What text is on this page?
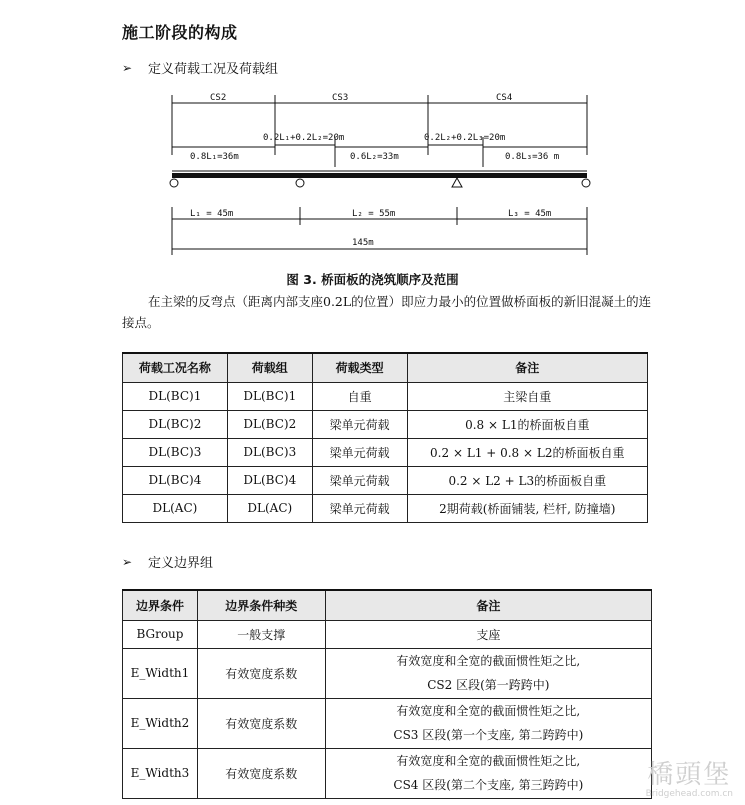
施工阶段的构成
➢	定义荷载工况及荷载组
CS2	CS3	CS4
0.2L₁+0.2L₂=20m	0.2L₂+0.2L₃=20m
0.8L₁=36m	0.6L₂=33m	0.8L₃=36 m
L₁ = 45m	L₂ = 55m	L₃ = 45m
145m
图 3. 桥面板的浇筑顺序及范围
在主梁的反弯点（距离内部支座0.2L的位置）即应力最小的位置做桥面板的新旧混凝土的连接点。
荷载工况名称	荷载组	荷载类型	备注
DL(BC)1	DL(BC)1	自重	主梁自重
DL(BC)2	DL(BC)2	梁单元荷载	0.8 × L1的桥面板自重
DL(BC)3	DL(BC)3	梁单元荷载	0.2 × L1 + 0.8 × L2的桥面板自重
DL(BC)4	DL(BC)4	梁单元荷载	0.2 × L2 + L3的桥面板自重
DL(AC)	DL(AC)	梁单元荷载	2期荷载(桥面铺装, 栏杆, 防撞墙)
➢	定义边界组
边界条件	边界条件种类	备注
BGroup	一般支撑	支座
E_Width1	有效宽度系数	有效宽度和全宽的截面惯性矩之比,
CS2 区段(第一跨跨中)

E_Width2	有效宽度系数	有效宽度和全宽的截面惯性矩之比,
CS3 区段(第一个支座, 第二跨跨中)

E_Width3	有效宽度系数	有效宽度和全宽的截面惯性矩之比,
CS4 区段(第二个支座, 第三跨跨中)	橋頭堡
Bridgehead.com.cn
